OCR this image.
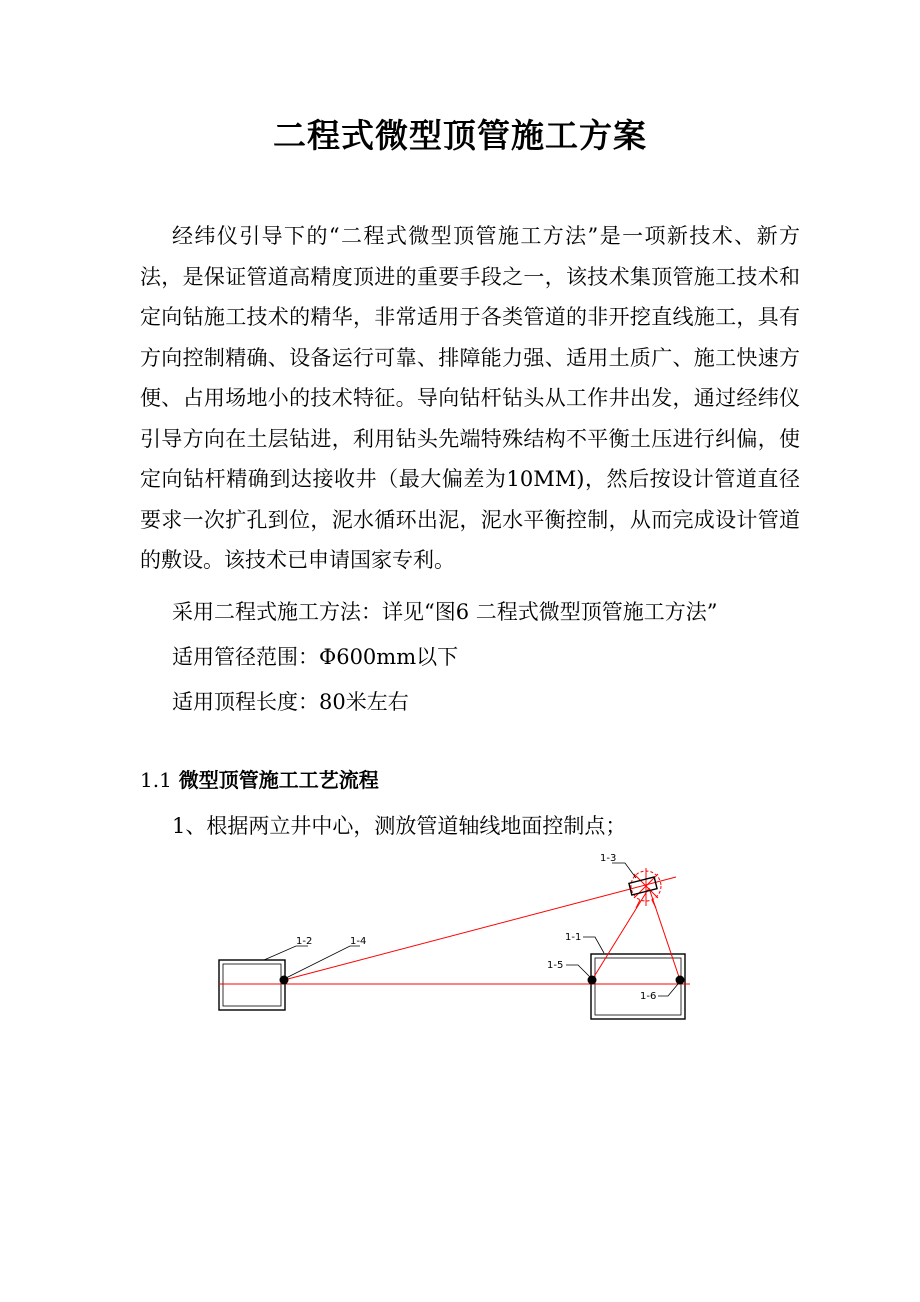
二程式微型顶管施工方案

经纬仪引导下的“二程式微型顶管施工方法”是一项新技术、新方法，是保证管道高精度顶进的重要手段之一，该技术集顶管施工技术和定向钻施工技术的精华，非常适用于各类管道的非开挖直线施工，具有方向控制精确、设备运行可靠、排障能力强、适用土质广、施工快速方便、占用场地小的技术特征。导向钻杆钻头从工作井出发，通过经纬仪引导方向在土层钻进，利用钻头先端特殊结构不平衡土压进行纠偏，使定向钻杆精确到达接收井（最大偏差为10MM)，然后按设计管道直径要求一次扩孔到位，泥水循环出泥，泥水平衡控制，从而完成设计管道的敷设。该技术已申请国家专利。

采用二程式施工方法：详见“图6 二程式微型顶管施工方法”

适用管径范围：Φ600mm以下

适用顶程长度：80米左右

1.1 微型顶管施工工艺流程

1、根据两立井中心，测放管道轴线地面控制点；

1-2	1-4
1-3
1-1
1-5
1-6
